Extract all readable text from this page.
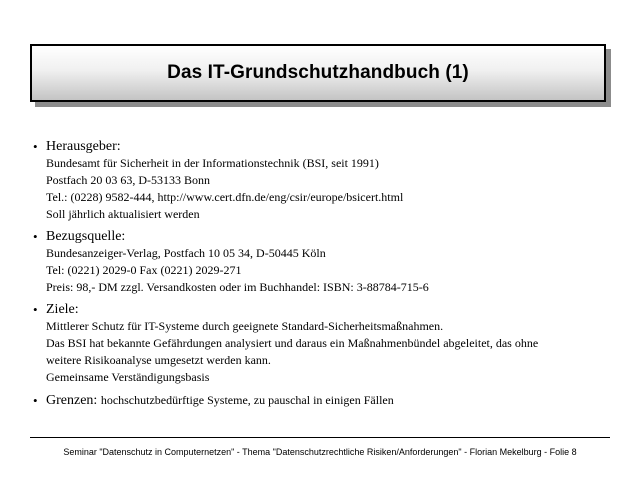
Das IT-Grundschutzhandbuch (1)
• Herausgeber:
Bundesamt für Sicherheit in der Informationstechnik (BSI, seit 1991)
Postfach 20 03 63, D-53133 Bonn
Tel.: (0228) 9582-444, http://www.cert.dfn.de/eng/csir/europe/bsicert.html
Soll jährlich aktualisiert werden
• Bezugsquelle:
Bundesanzeiger-Verlag, Postfach 10 05 34, D-50445 Köln
Tel: (0221) 2029-0 Fax (0221) 2029-271
Preis: 98,- DM zzgl. Versandkosten oder im Buchhandel: ISBN: 3-88784-715-6
• Ziele:
Mittlerer Schutz für IT-Systeme durch geeignete Standard-Sicherheitsmaßnahmen.
Das BSI hat bekannte Gefährdungen analysiert und daraus ein Maßnahmenbündel abgeleitet, das ohne
weitere Risikoanalyse umgesetzt werden kann.
Gemeinsame Verständigungsbasis
• Grenzen: hochschutzbedürftige Systeme, zu pauschal in einigen Fällen
Seminar "Datenschutz in Computernetzen" - Thema "Datenschutzrechtliche Risiken/Anforderungen" - Florian Mekelburg - Folie 8
